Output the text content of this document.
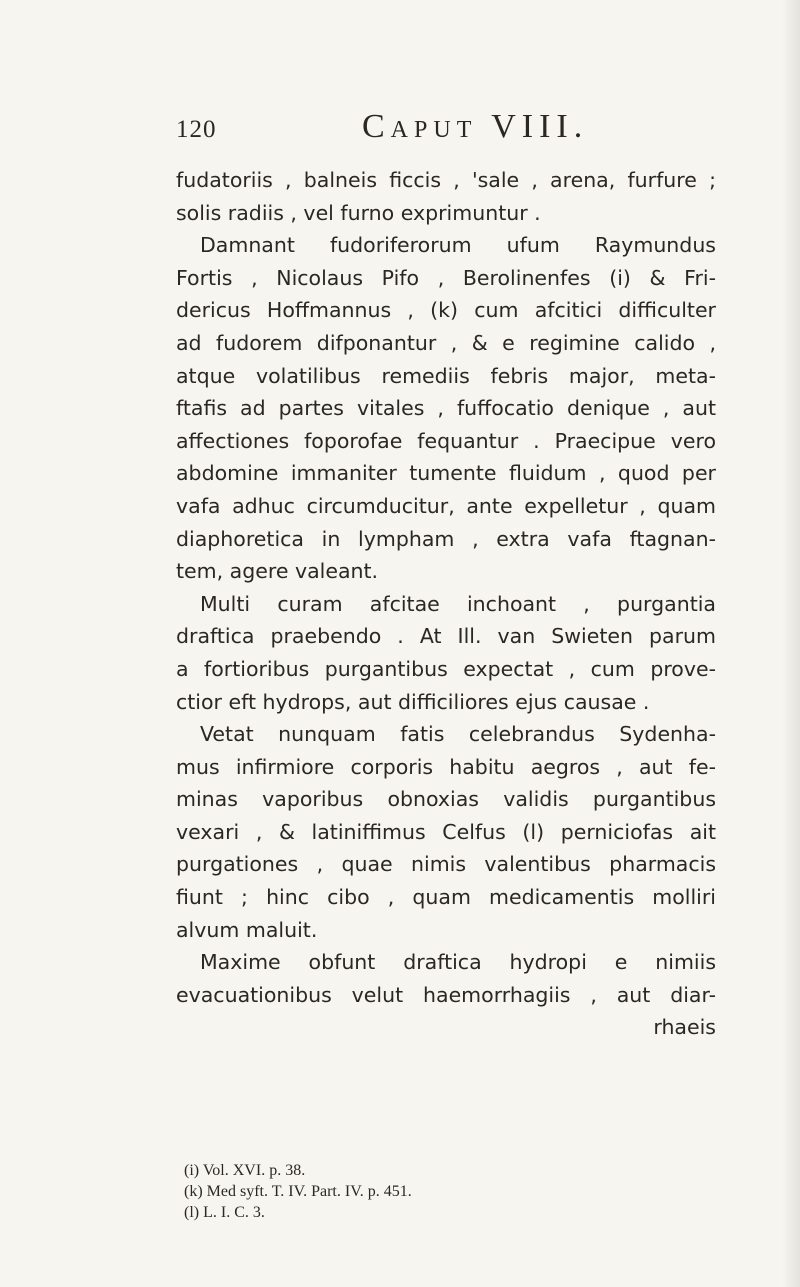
120	Caput VIII.
fudatoriis , balneis ficcis , 'sale , arena, furfure ;
solis radiis , vel furno exprimuntur .
Damnant fudoriferorum ufum Raymundus
Fortis , Nicolaus Pifo , Berolinenfes (i) & Fri-
dericus Hoffmannus , (k) cum afcitici difficulter
ad fudorem difponantur , & e regimine calido ,
atque volatilibus remediis febris major, meta-
ftafis ad partes vitales , fuffocatio denique , aut
affectiones foporofae fequantur . Praecipue vero
abdomine immaniter tumente fluidum , quod per
vafa adhuc circumducitur, ante expelletur , quam
diaphoretica in lympham , extra vafa ftagnan-
tem, agere valeant.
Multi curam afcitae inchoant , purgantia
draftica praebendo . At Ill. van Swieten parum
a fortioribus purgantibus expectat , cum prove-
ctior eft hydrops, aut difficiliores ejus causae .
Vetat nunquam fatis celebrandus Sydenha-
mus infirmiore corporis habitu aegros , aut fe-
minas vaporibus obnoxias validis purgantibus
vexari , & latiniffimus Celfus (l) perniciofas ait
purgationes , quae nimis valentibus pharmacis
fiunt ; hinc cibo , quam medicamentis molliri
alvum maluit.
Maxime obfunt draftica hydropi e nimiis
evacuationibus velut haemorrhagiis , aut diar-
rhaeis
(i) Vol. XVI. p. 38.
(k) Med syft. T. IV. Part. IV. p. 451.
(l) L. I. C. 3.
